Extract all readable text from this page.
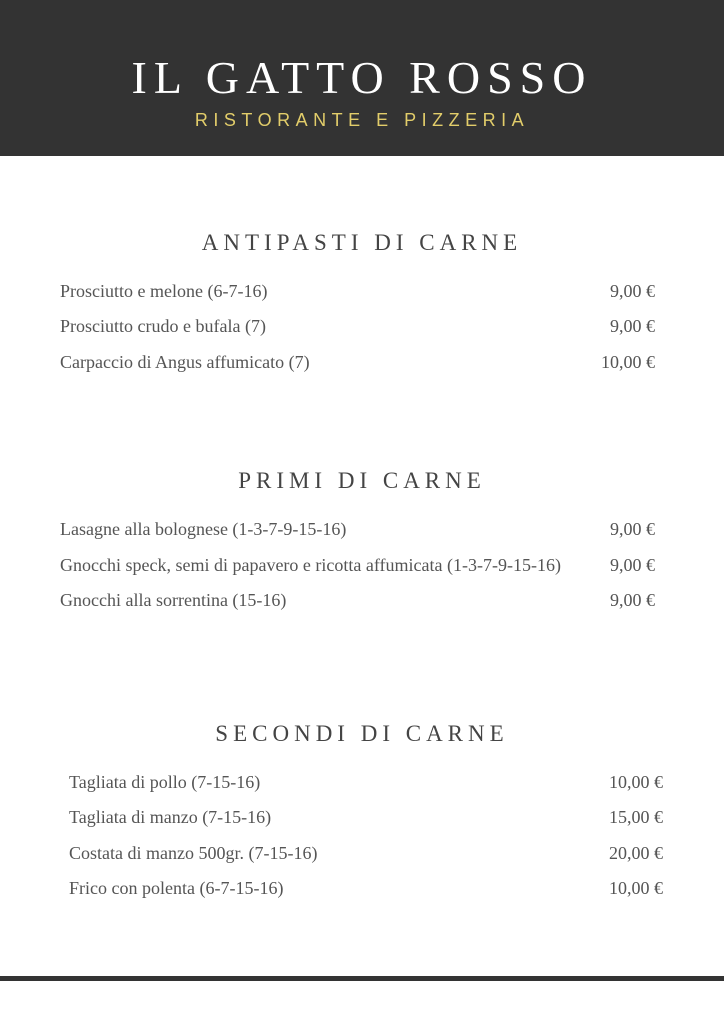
IL GATTO ROSSO
RISTORANTE E PIZZERIA
ANTIPASTI DI CARNE
Prosciutto e melone (6-7-16)	9,00 €
Prosciutto crudo e bufala (7)	9,00 €
Carpaccio di Angus affumicato (7)	10,00 €
PRIMI DI CARNE
Lasagne alla bolognese (1-3-7-9-15-16)	9,00 €
Gnocchi speck, semi di papavero e ricotta affumicata (1-3-7-9-15-16)	9,00 €
Gnocchi alla sorrentina (15-16)	9,00 €
SECONDI DI CARNE
Tagliata di pollo (7-15-16)	10,00 €
Tagliata di manzo (7-15-16)	15,00 €
Costata di manzo 500gr. (7-15-16)	20,00 €
Frico con polenta (6-7-15-16)	10,00 €
